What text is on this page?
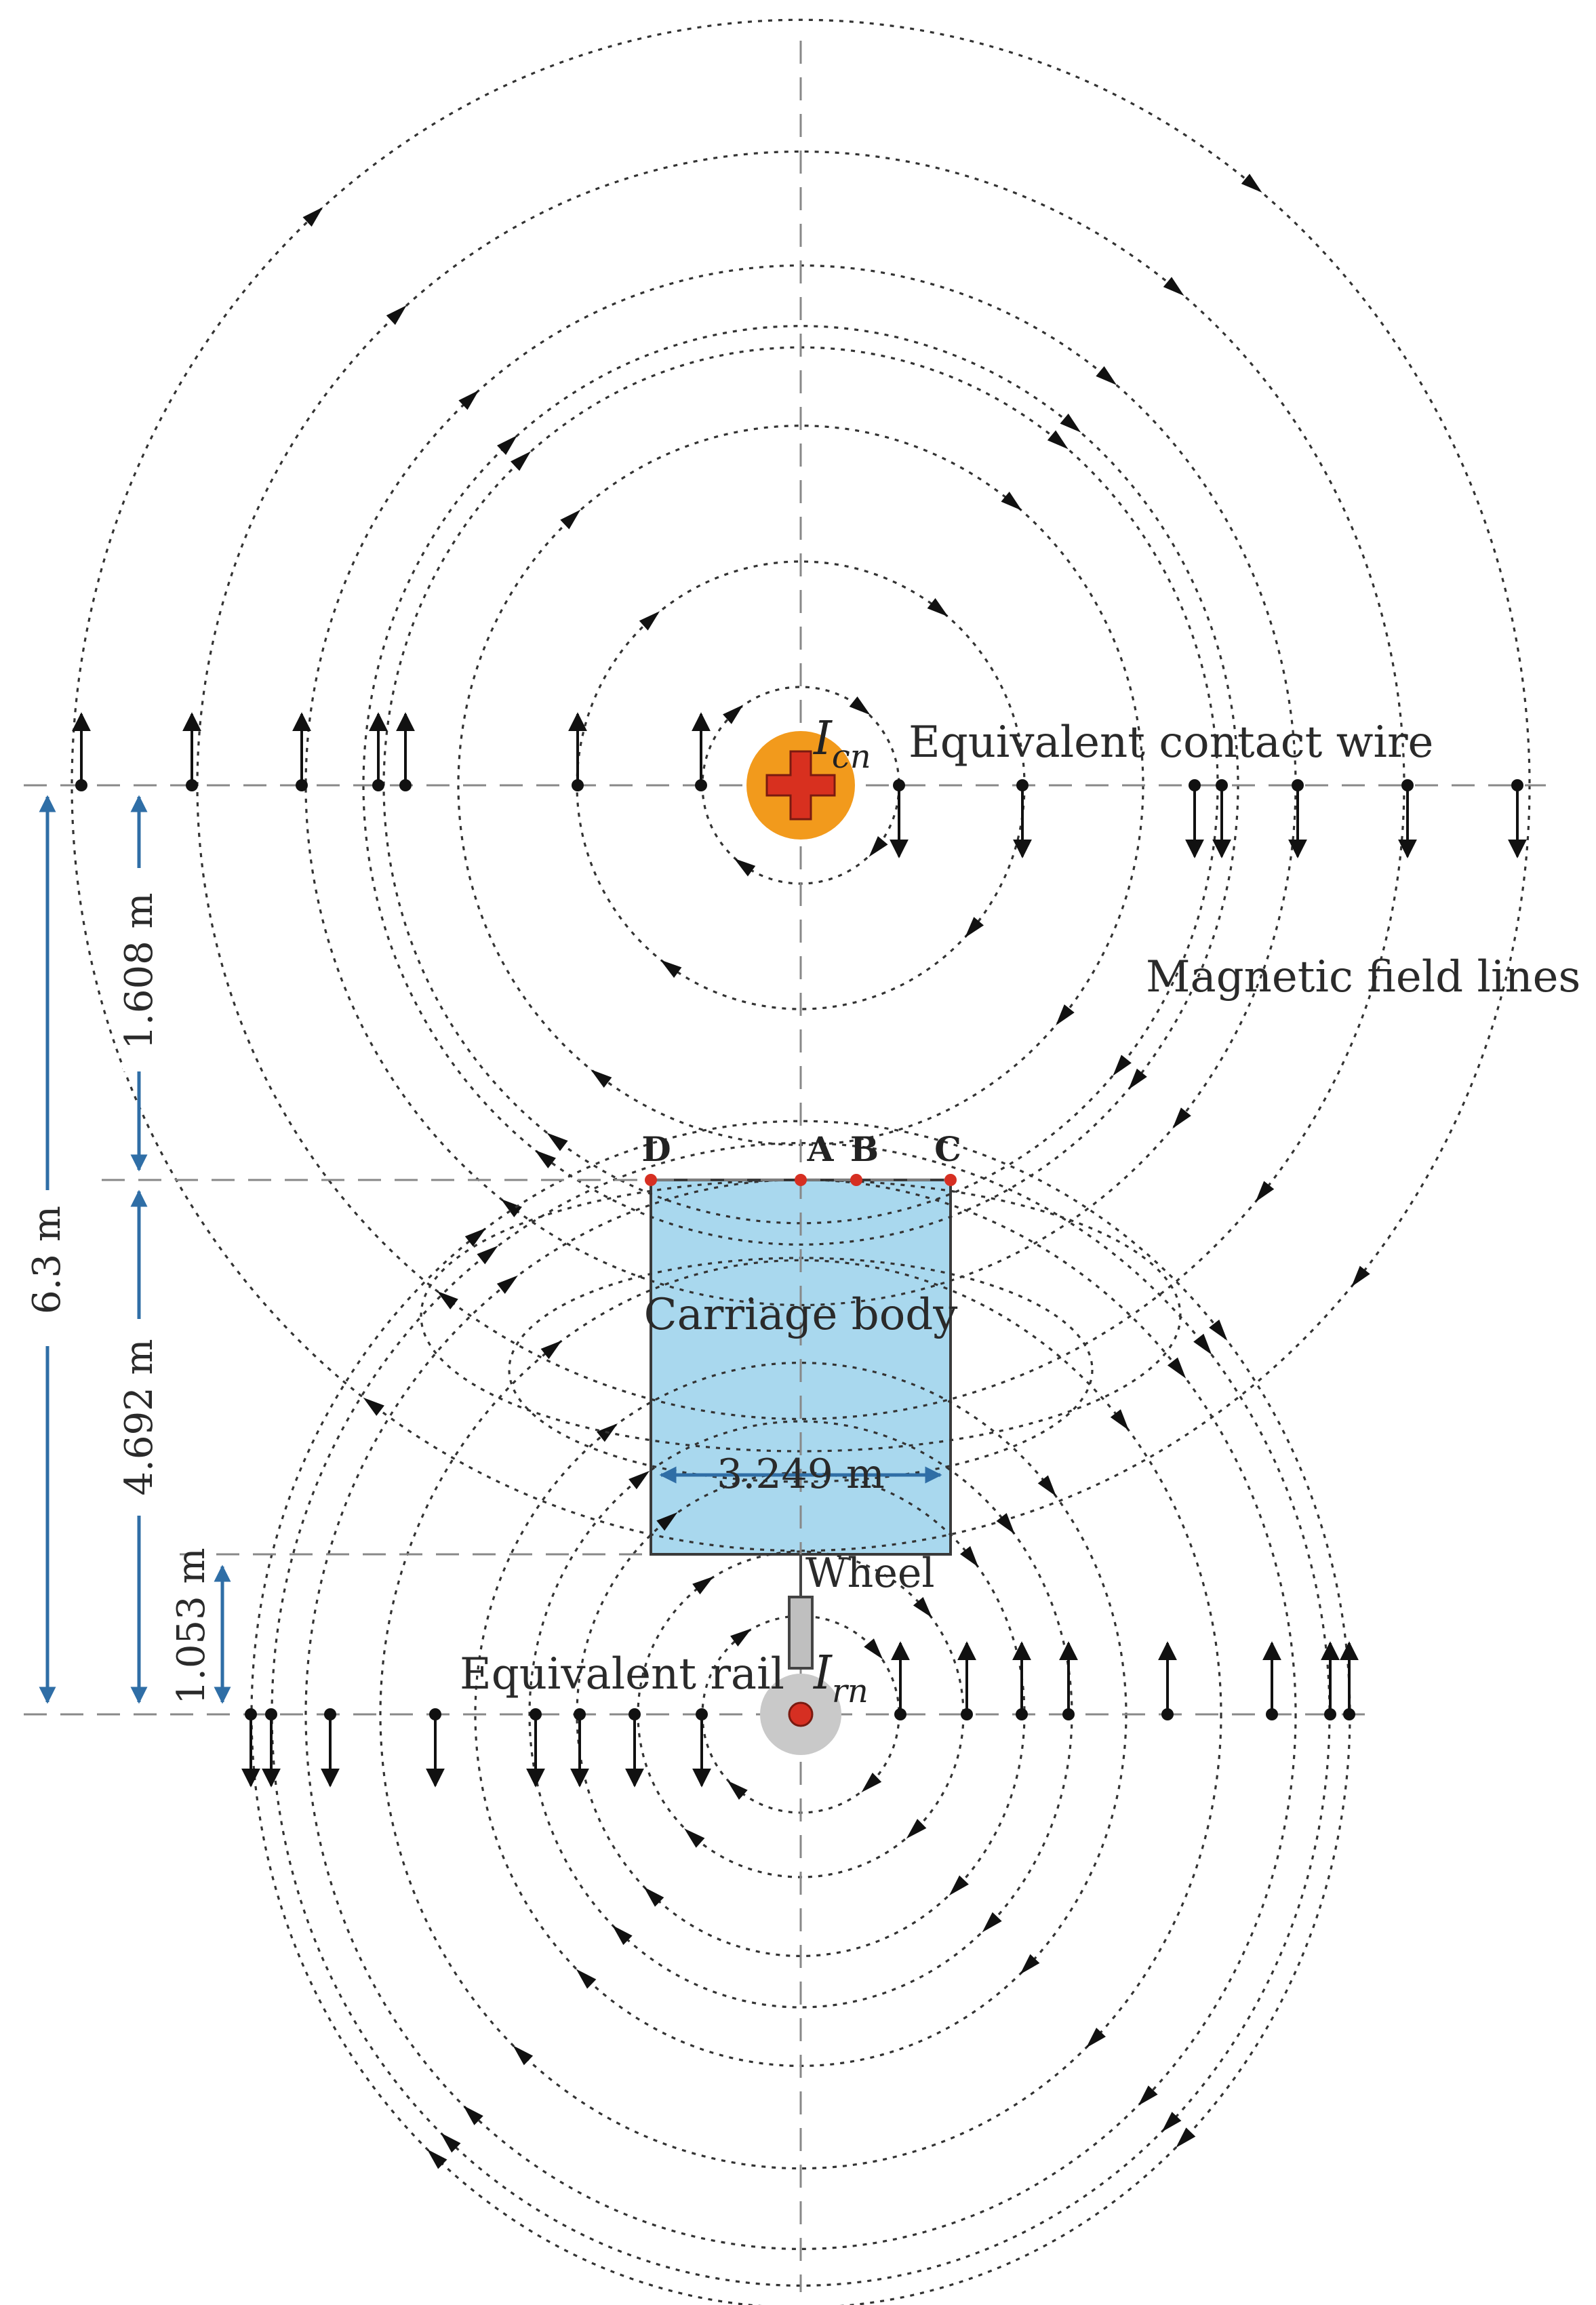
6.3 m
1.608 m
4.692 m
1.053 m
3.249 m
D	A B C
Equivalent contact wire
Magnetic field lines
Carriage body
Wheel
Equivalent rail
$I_{cn}$
$I_{rn}$
